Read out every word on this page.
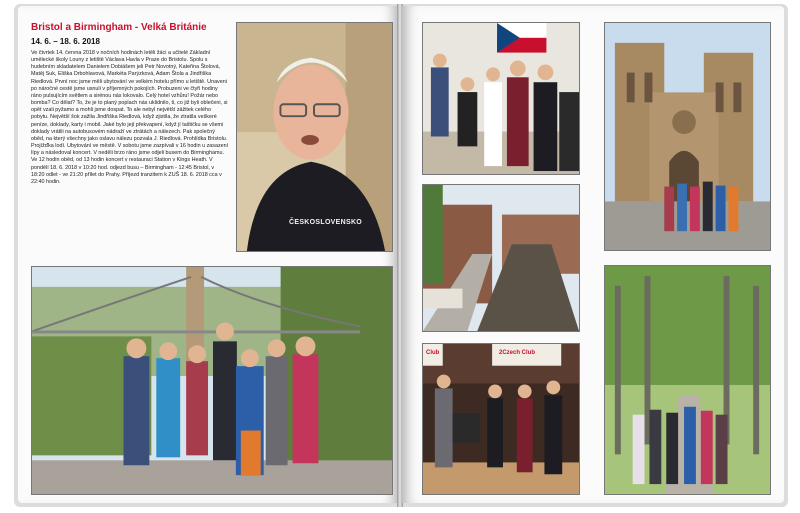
Bristol a Birmingham - Velká Británie
14. 6. – 18. 6. 2018

Ve čtvrtek 14. června 2018 v nočních hodinách letěli žáci a učitelé Základní umělecké školy Louny z letiště Václava Havla v Praze do Bristolu. Spolu s hudebním skladatelem Danielem Dobiášem jeli Petr Novotný, Kateřina Štolová, Matěj Suk, Eliška Drbohlavová, Markéta Parýzková, Adam Štola a Jindřiška Riedlová. První noc jsme měli ubytování ve velkém hotelu přímo u letiště. Unaveni po náročné cestě jsme usnuli v příjemných pokojích. Probuzeni ve čtyři hodiny ráno pulsujícím světlem a sirénou nás lokovalo. Celý hotel vzhůru! Požár nebo bomba? Co dělat? To, že je to planý poplach nás uklidnilo, ti, co již byli oblečeni, si opět vzali pyžamo a mohli jsme dospat. To ale nebyl největší zážitek celého pobytu. Největší šok zažila Jindřiška Riedlová, když zjistila, že ztratila veškeré peníze, doklady, karty i mobil. Jaké bylo její překvapení, když jí taštičku se všemi doklady vrátili na autobusovém nádraží ve ztrátách a nálezech. Pak společný oběd, na který všechny jako oslavu nálezu pozvala J. Riedlová. Prohlídka Bristolu. Projížďka lodí. Ubytování ve městě. V sobotu jsme zazpívali v 16 hodin u zasazení lípy a následoval koncert. V neděli brzo ráno jsme odjeli busem do Birminghamu. Ve 12 hodin oběd, od 13 hodin koncert v restauraci Station v Kings Heath. V pondělí 18. 6. 2018 v 10:20 hod. odjezd busu – Birmingham - 12:45 Bristol, v 18:20 odlet - ve 21:20 přílet do Prahy. Příjezd tranzitem k ZUŠ 18. 6. 2018 cca v 22:40 hodin.

ČESKOSLOVENSKO
Club	2Czech Club
